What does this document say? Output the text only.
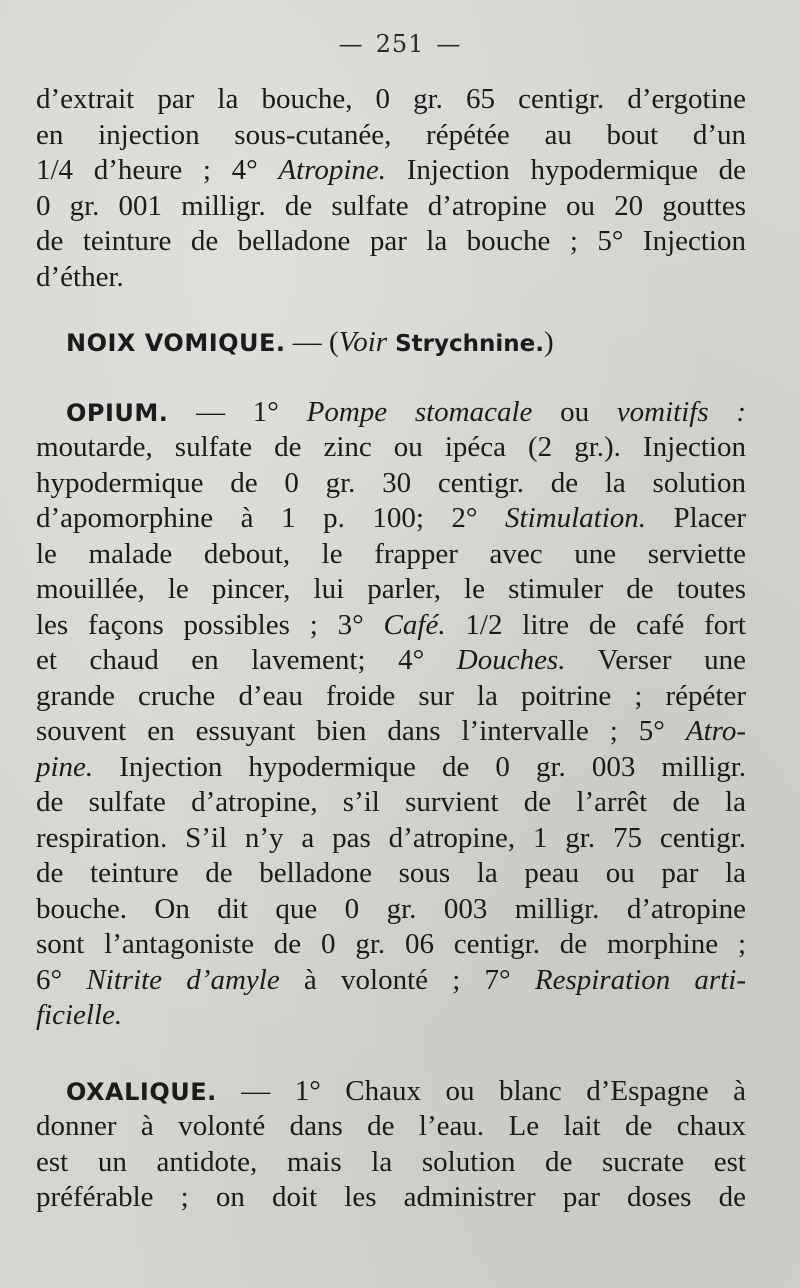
— 251 —
d’extrait par la bouche, 0 gr. 65 centigr. d’ergotine
en injection sous-cutanée, répétée au bout d’un
1/4 d’heure ; 4° Atropine. Injection hypodermique de
0 gr. 001 milligr. de sulfate d’atropine ou 20 gouttes
de teinture de belladone par la bouche ; 5° Injection
d’éther.
NOIX VOMIQUE. — (Voir Strychnine.)
OPIUM. — 1° Pompe stomacale ou vomitifs :
moutarde, sulfate de zinc ou ipéca (2 gr.). Injection
hypodermique de 0 gr. 30 centigr. de la solution
d’apomorphine à 1 p. 100; 2° Stimulation. Placer
le malade debout, le frapper avec une serviette
mouillée, le pincer, lui parler, le stimuler de toutes
les façons possibles ; 3° Café. 1/2 litre de café fort
et chaud en lavement; 4° Douches. Verser une
grande cruche d’eau froide sur la poitrine ; répéter
souvent en essuyant bien dans l’intervalle ; 5° Atro-
pine. Injection hypodermique de 0 gr. 003 milligr.
de sulfate d’atropine, s’il survient de l’arrêt de la
respiration. S’il n’y a pas d’atropine, 1 gr. 75 centigr.
de teinture de belladone sous la peau ou par la
bouche. On dit que 0 gr. 003 milligr. d’atropine
sont l’antagoniste de 0 gr. 06 centigr. de morphine ;
6° Nitrite d’amyle à volonté ; 7° Respiration arti-
ficielle.
OXALIQUE. — 1° Chaux ou blanc d’Espagne à
donner à volonté dans de l’eau. Le lait de chaux
est un antidote, mais la solution de sucrate est
préférable ; on doit les administrer par doses de
